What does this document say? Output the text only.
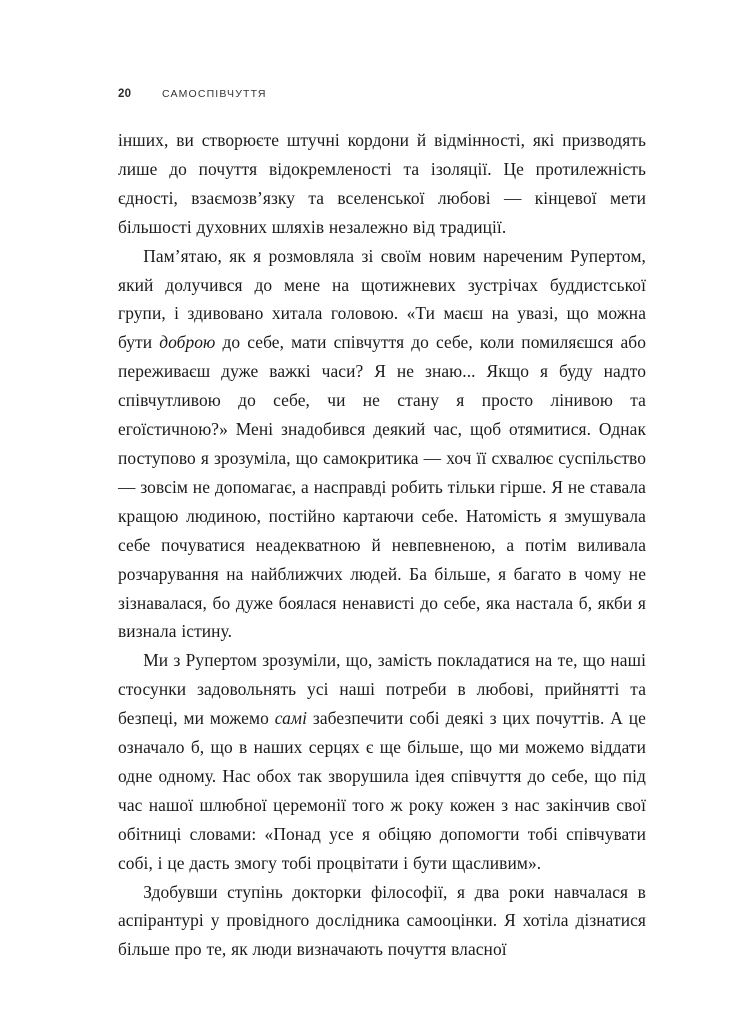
20	САМОСПІВЧУТТЯ

інших, ви створюєте штучні кордони й відмінності, які призводять лише до почуття відокремленості та ізоляції. Це протилежність єдності, взаємозв’язку та вселенської любові — кінцевої мети більшості духовних шляхів незалежно від традиції.

Пам’ятаю, як я розмовляла зі своїм новим нареченим Рупертом, який долучився до мене на щотижневих зустрічах буддистської групи, і здивовано хитала головою. «Ти маєш на увазі, що можна бути доброю до себе, мати співчуття до себе, коли помиляєшся або переживаєш дуже важкі часи? Я не знаю... Якщо я буду надто співчутливою до себе, чи не стану я просто лінивою та егоїстичною?» Мені знадобився деякий час, щоб отямитися. Однак поступово я зрозуміла, що самокритика — хоч її схвалює суспільство — зовсім не допомагає, а насправді робить тільки гірше. Я не ставала кращою людиною, постійно картаючи себе. Натомість я змушувала себе почуватися неадекватною й невпевненою, а потім виливала розчарування на найближчих людей. Ба більше, я багато в чому не зізнавалася, бо дуже боялася ненависті до себе, яка настала б, якби я визнала істину.

Ми з Рупертом зрозуміли, що, замість покладатися на те, що наші стосунки задовольнять усі наші потреби в любові, прийнятті та безпеці, ми можемо самі забезпечити собі деякі з цих почуттів. А це означало б, що в наших серцях є ще більше, що ми можемо віддати одне одному. Нас обох так зворушила ідея співчуття до себе, що під час нашої шлюбної церемонії того ж року кожен з нас закінчив свої обітниці словами: «Понад усе я обіцяю допомогти тобі співчувати собі, і це дасть змогу тобі процвітати і бути щасливим».

Здобувши ступінь докторки філософії, я два роки навчалася в аспірантурі у провідного дослідника самооцінки. Я хотіла дізнатися більше про те, як люди визначають почуття власної
